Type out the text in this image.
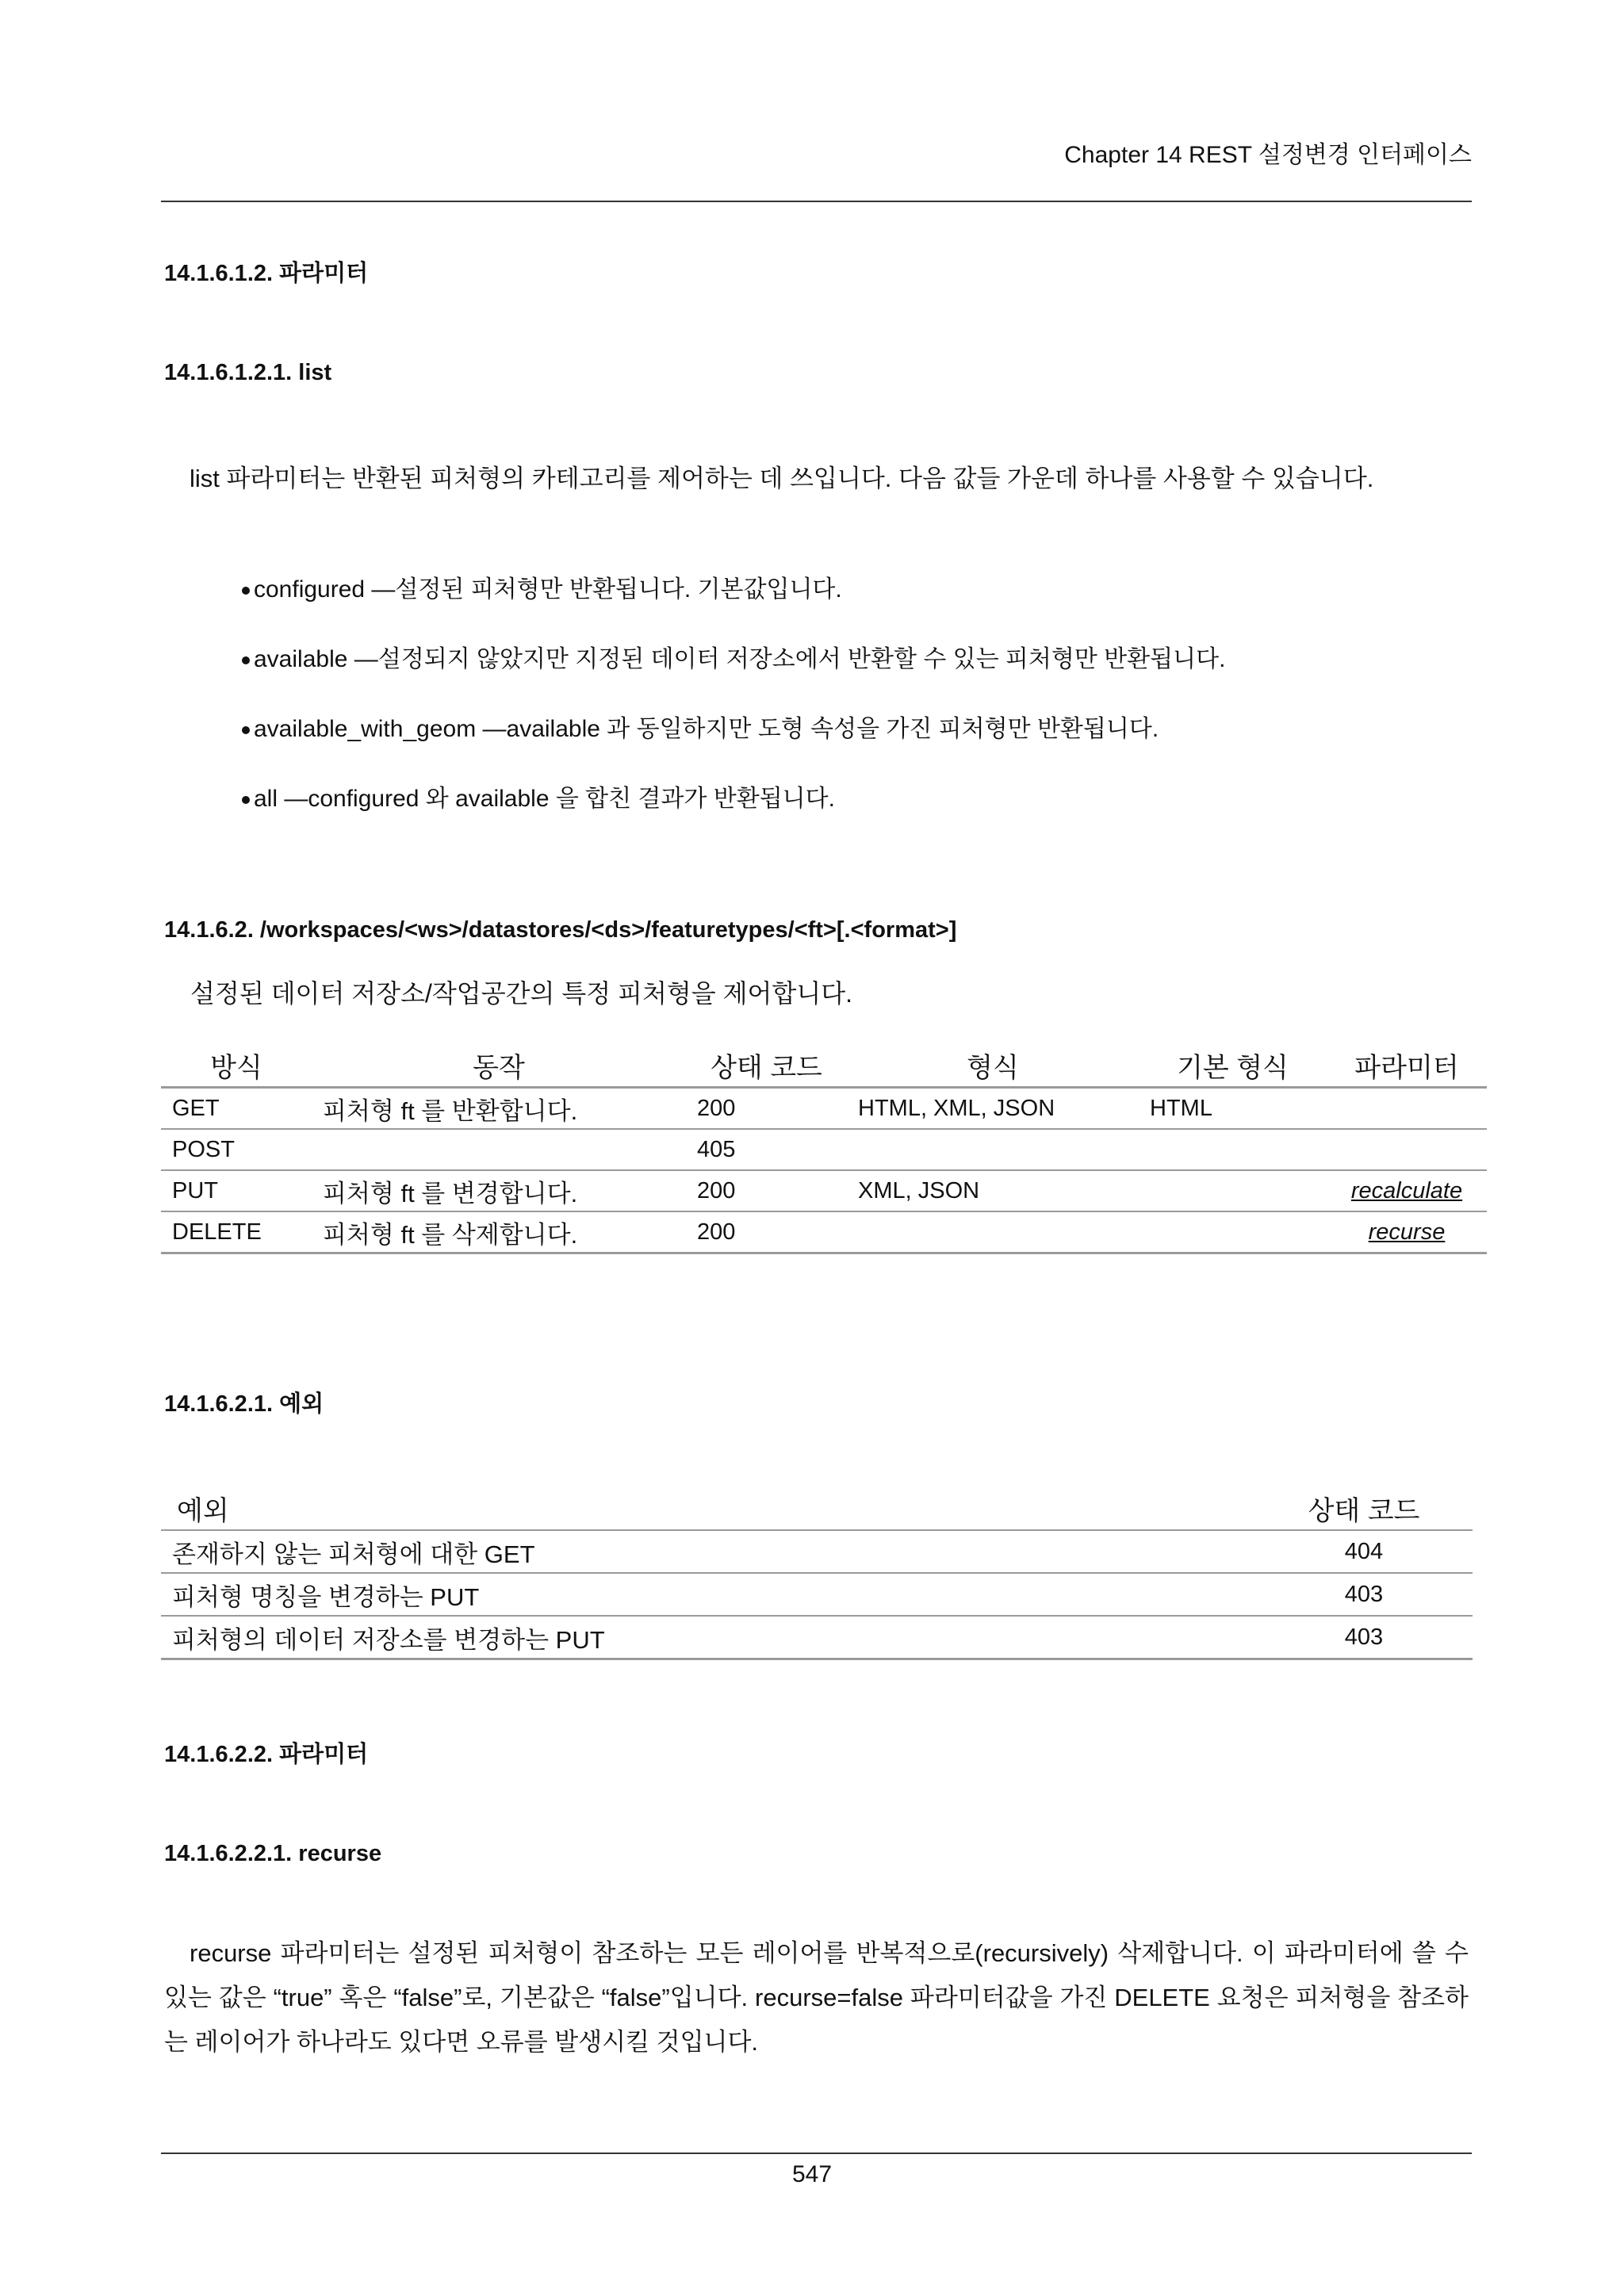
Chapter 14 REST 설정변경 인터페이스
14.1.6.1.2. 파라미터
14.1.6.1.2.1. list
list 파라미터는 반환된 피처형의 카테고리를 제어하는 데 쓰입니다. 다음 값들 가운데 하나를 사용할 수 있습니다.
configured —설정된 피처형만 반환됩니다. 기본값입니다.
available —설정되지 않았지만 지정된 데이터 저장소에서 반환할 수 있는 피처형만 반환됩니다.
available_with_geom —available 과 동일하지만 도형 속성을 가진 피처형만 반환됩니다.
all —configured 와 available 을 합친 결과가 반환됩니다.
14.1.6.2. /workspaces/<ws>/datastores/<ds>/featuretypes/<ft>[.<format>]
설정된 데이터 저장소/작업공간의 특정 피처형을 제어합니다.
방식	동작	상태 코드	형식	기본 형식	파라미터
GET	피처형 ft 를 반환합니다.	200	HTML, XML, JSON	HTML	
POST		405			
PUT	피처형 ft 를 변경합니다.	200	XML, JSON		recalculate
DELETE	피처형 ft 를 삭제합니다.	200			recurse
14.1.6.2.1. 예외
예외	상태 코드
존재하지 않는 피처형에 대한 GET	404
피처형 명칭을 변경하는 PUT	403
피처형의 데이터 저장소를 변경하는 PUT	403
14.1.6.2.2. 파라미터
14.1.6.2.2.1. recurse
recurse 파라미터는 설정된 피처형이 참조하는 모든 레이어를 반복적으로(recursively) 삭제합니다. 이 파라미터에 쓸 수 있는 값은 “true” 혹은 “false”로, 기본값은 “false”입니다. recurse=false 파라미터값을 가진 DELETE 요청은 피처형을 참조하는 레이어가 하나라도 있다면 오류를 발생시킬 것입니다.
547
